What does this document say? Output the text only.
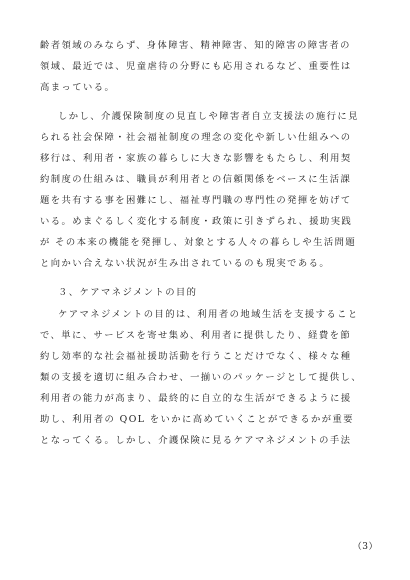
齢者領域のみならず、身体障害、精神障害、知的障害の障害者の
領域、最近では、児童虐待の分野にも応用されるなど、重要性は
高まっている。
しかし、介護保険制度の見直しや障害者自立支援法の施行に見
られる社会保障・社会福祉制度の理念の変化や新しい仕組みへの
移行は、利用者・家族の暮らしに大きな影響をもたらし、利用契
約制度の仕組みは、職員が利用者との信頼関係をベースに生活課
題を共有する事を困難にし、福祉専門職の専門性の発揮を妨げて
いる。めまぐるしく変化する制度・政策に引きずられ、援助実践
が その本来の機能を発揮し、対象とする人々の暮らしや生活問題
と向かい合えない状況が生み出されているのも現実である。
３、ケアマネジメントの目的
ケアマネジメントの目的は、利用者の地域生活を支援すること
で、単に、サービスを寄せ集め、利用者に提供したり、経費を節
約し効率的な社会福祉援助活動を行うことだけでなく、様々な種
類の支援を適切に組み合わせ、一揃いのパッケージとして提供し、
利用者の能力が高まり、最終的に自立的な生活ができるように援
助し、利用者の QOL をいかに高めていくことができるかが重要
となってくる。しかし、介護保険に見るケアマネジメントの手法
（3）
